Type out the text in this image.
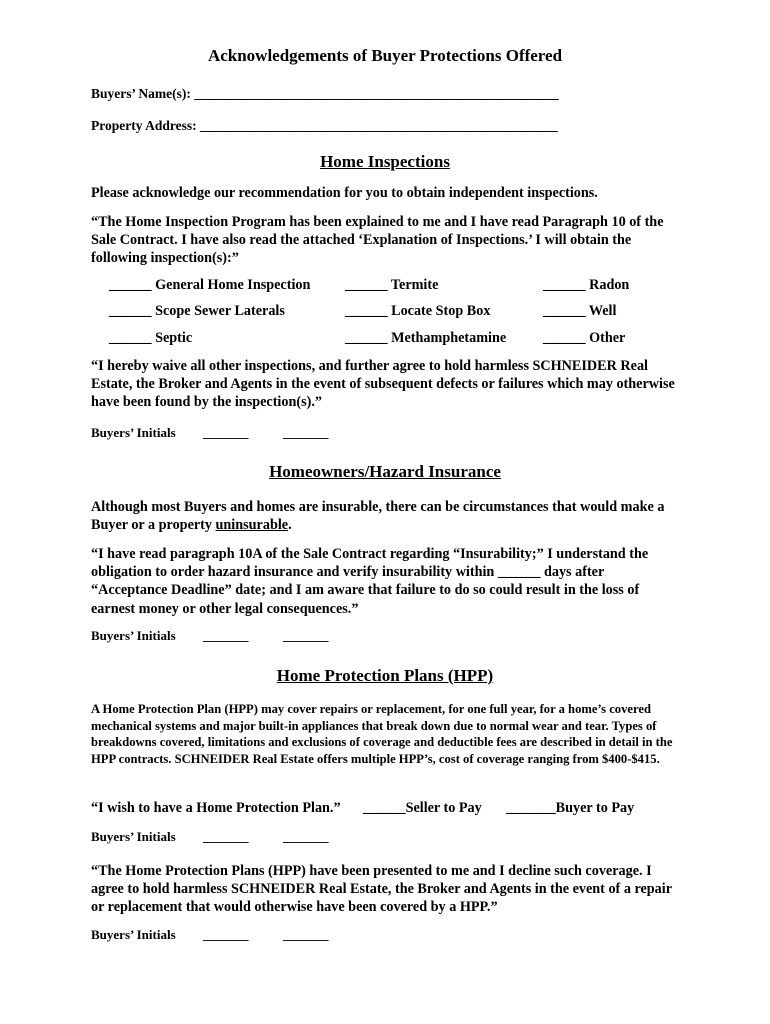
Acknowledgements of Buyer Protections Offered
Buyers’ Name(s): ______________________________________________________
Property Address: _____________________________________________________
Home Inspections
Please acknowledge our recommendation for you to obtain independent inspections.
“The Home Inspection Program has been explained to me and I have read Paragraph 10 of the Sale Contract. I have also read the attached ‘Explanation of Inspections.’ I will obtain the following inspection(s):”
______ General Home Inspection ______ Termite	______ Radon
______ Scope Sewer Laterals	______ Locate Stop Box	______ Well
______ Septic	______ Methamphetamine	______ Other
“I hereby waive all other inspections, and further agree to hold harmless SCHNEIDER Real Estate, the Broker and Agents in the event of subsequent defects or failures which may otherwise have been found by the inspection(s).”
Buyers’ Initials _______	_______
Homeowners/Hazard Insurance
Although most Buyers and homes are insurable, there can be circumstances that would make a Buyer or a property uninsurable.
“I have read paragraph 10A of the Sale Contract regarding “Insurability;” I understand the obligation to order hazard insurance and verify insurability within ______ days after “Acceptance Deadline” date; and I am aware that failure to do so could result in the loss of earnest money or other legal consequences.”
Buyers’ Initials _______	_______
Home Protection Plans (HPP)
A Home Protection Plan (HPP) may cover repairs or replacement, for one full year, for a home’s covered mechanical systems and major built-in appliances that break down due to normal wear and tear. Types of breakdowns covered, limitations and exclusions of coverage and deductible fees are described in detail in the HPP contracts. SCHNEIDER Real Estate offers multiple HPP’s, cost of coverage ranging from $400-$415.
“I wish to have a Home Protection Plan.” ______Seller to Pay _______Buyer to Pay
Buyers’ Initials _______	_______
“The Home Protection Plans (HPP) have been presented to me and I decline such coverage. I agree to hold harmless SCHNEIDER Real Estate, the Broker and Agents in the event of a repair or replacement that would otherwise have been covered by a HPP.”
Buyers’ Initials _______	_______
